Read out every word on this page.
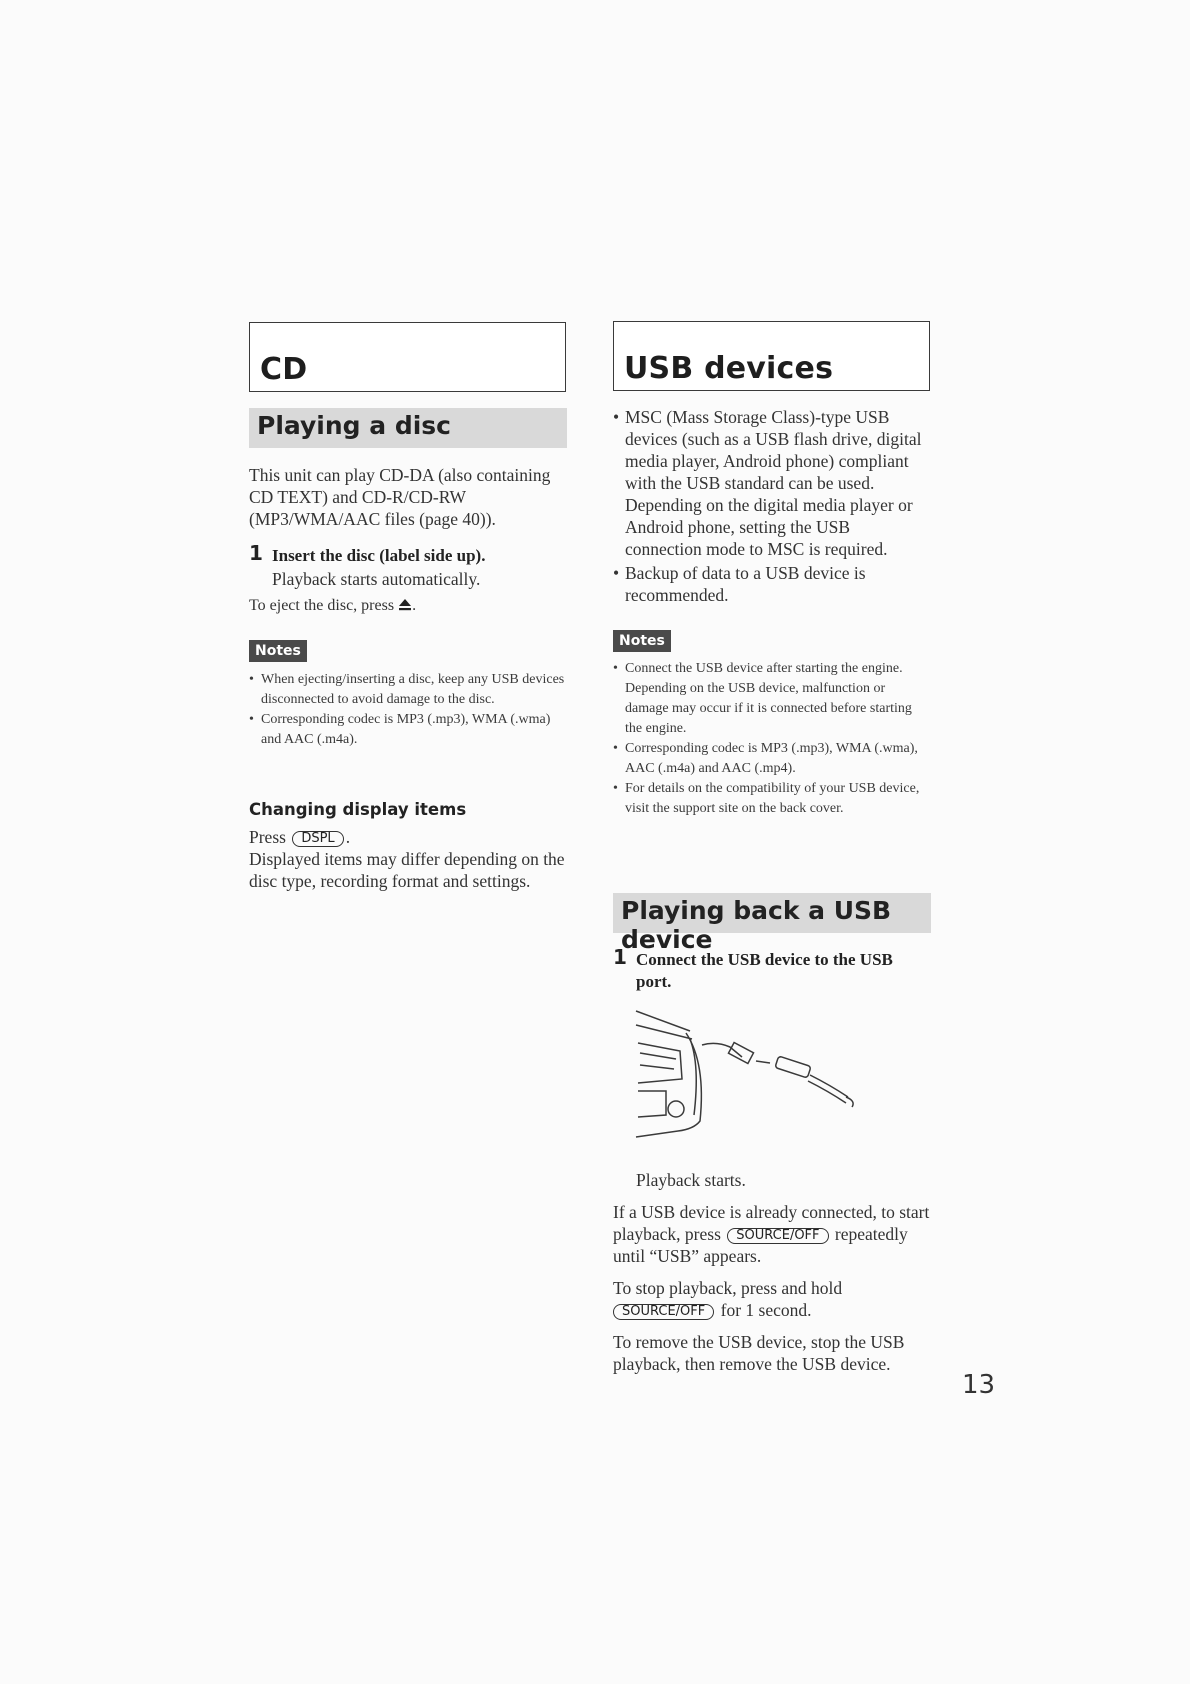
CD
Playing a disc
This unit can play CD-DA (also containing CD TEXT) and CD-R/CD-RW (MP3/WMA/AAC files (page 40)).
1 Insert the disc (label side up).
Playback starts automatically.
To eject the disc, press .
Notes
• When ejecting/inserting a disc, keep any USB devices disconnected to avoid damage to the disc.
• Corresponding codec is MP3 (.mp3), WMA (.wma) and AAC (.m4a).
Changing display items
Press DSPL .
Displayed items may differ depending on the disc type, recording format and settings.
USB devices
• MSC (Mass Storage Class)-type USB devices (such as a USB flash drive, digital media player, Android phone) compliant with the USB standard can be used. Depending on the digital media player or Android phone, setting the USB connection mode to MSC is required.
• Backup of data to a USB device is recommended.
Notes
• Connect the USB device after starting the engine.
Depending on the USB device, malfunction or damage may occur if it is connected before starting the engine.
• Corresponding codec is MP3 (.mp3), WMA (.wma), AAC (.m4a) and AAC (.mp4).
• For details on the compatibility of your USB device, visit the support site on the back cover.
Playing back a USB device
1 Connect the USB device to the USB port.
Playback starts.
If a USB device is already connected, to start playback, press SOURCE/OFF repeatedly until “USB” appears.
To stop playback, press and hold
SOURCE/OFF for 1 second.
To remove the USB device, stop the USB playback, then remove the USB device.
13
